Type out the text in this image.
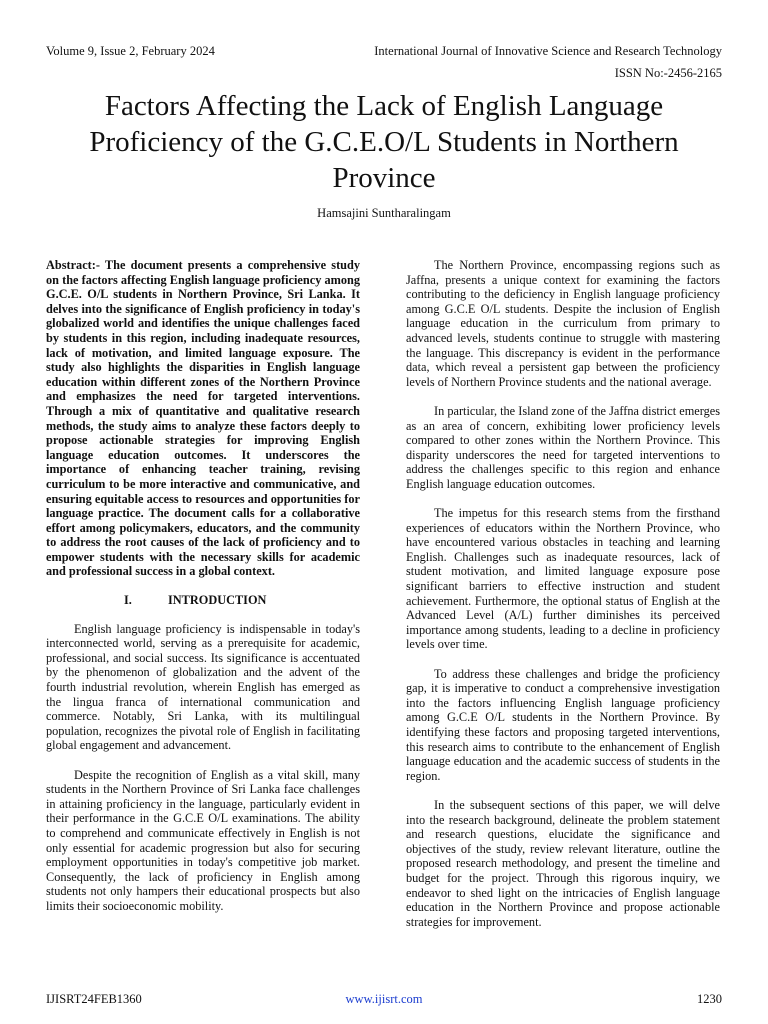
Volume 9, Issue 2, February 2024	International Journal of Innovative Science and Research Technology
ISSN No:-2456-2165
Factors Affecting the Lack of English Language Proficiency of the G.C.E.O/L Students in Northern Province
Hamsajini Suntharalingam

Abstract:- The document presents a comprehensive study on the factors affecting English language proficiency among G.C.E. O/L students in Northern Province, Sri Lanka. It delves into the significance of English proficiency in today's globalized world and identifies the unique challenges faced by students in this region, including inadequate resources, lack of motivation, and limited language exposure. The study also highlights the disparities in English language education within different zones of the Northern Province and emphasizes the need for targeted interventions. Through a mix of quantitative and qualitative research methods, the study aims to analyze these factors deeply to propose actionable strategies for improving English language education outcomes. It underscores the importance of enhancing teacher training, revising curriculum to be more interactive and communicative, and ensuring equitable access to resources and opportunities for language practice. The document calls for a collaborative effort among policymakers, educators, and the community to address the root causes of the lack of proficiency and to empower students with the necessary skills for academic and professional success in a global context.

I.	INTRODUCTION

English language proficiency is indispensable in today's interconnected world, serving as a prerequisite for academic, professional, and social success. Its significance is accentuated by the phenomenon of globalization and the advent of the fourth industrial revolution, wherein English has emerged as the lingua franca of international communication and commerce. Notably, Sri Lanka, with its multilingual population, recognizes the pivotal role of English in facilitating global engagement and advancement.

Despite the recognition of English as a vital skill, many students in the Northern Province of Sri Lanka face challenges in attaining proficiency in the language, particularly evident in their performance in the G.C.E O/L examinations. The ability to comprehend and communicate effectively in English is not only essential for academic progression but also for securing employment opportunities in today's competitive job market. Consequently, the lack of proficiency in English among students not only hampers their educational prospects but also limits their socioeconomic mobility.

The Northern Province, encompassing regions such as Jaffna, presents a unique context for examining the factors contributing to the deficiency in English language proficiency among G.C.E O/L students. Despite the inclusion of English language education in the curriculum from primary to advanced levels, students continue to struggle with mastering the language. This discrepancy is evident in the performance data, which reveal a persistent gap between the proficiency levels of Northern Province students and the national average.

In particular, the Island zone of the Jaffna district emerges as an area of concern, exhibiting lower proficiency levels compared to other zones within the Northern Province. This disparity underscores the need for targeted interventions to address the challenges specific to this region and enhance English language education outcomes.

The impetus for this research stems from the firsthand experiences of educators within the Northern Province, who have encountered various obstacles in teaching and learning English. Challenges such as inadequate resources, lack of student motivation, and limited language exposure pose significant barriers to effective instruction and student achievement. Furthermore, the optional status of English at the Advanced Level (A/L) further diminishes its perceived importance among students, leading to a decline in proficiency levels over time.

To address these challenges and bridge the proficiency gap, it is imperative to conduct a comprehensive investigation into the factors influencing English language proficiency among G.C.E O/L students in the Northern Province. By identifying these factors and proposing targeted interventions, this research aims to contribute to the enhancement of English language education and the academic success of students in the region.

In the subsequent sections of this paper, we will delve into the research background, delineate the problem statement and research questions, elucidate the significance and objectives of the study, review relevant literature, outline the proposed research methodology, and present the timeline and budget for the project. Through this rigorous inquiry, we endeavor to shed light on the intricacies of English language education in the Northern Province and propose actionable strategies for improvement.

IJISRT24FEB1360	www.ijisrt.com	1230
